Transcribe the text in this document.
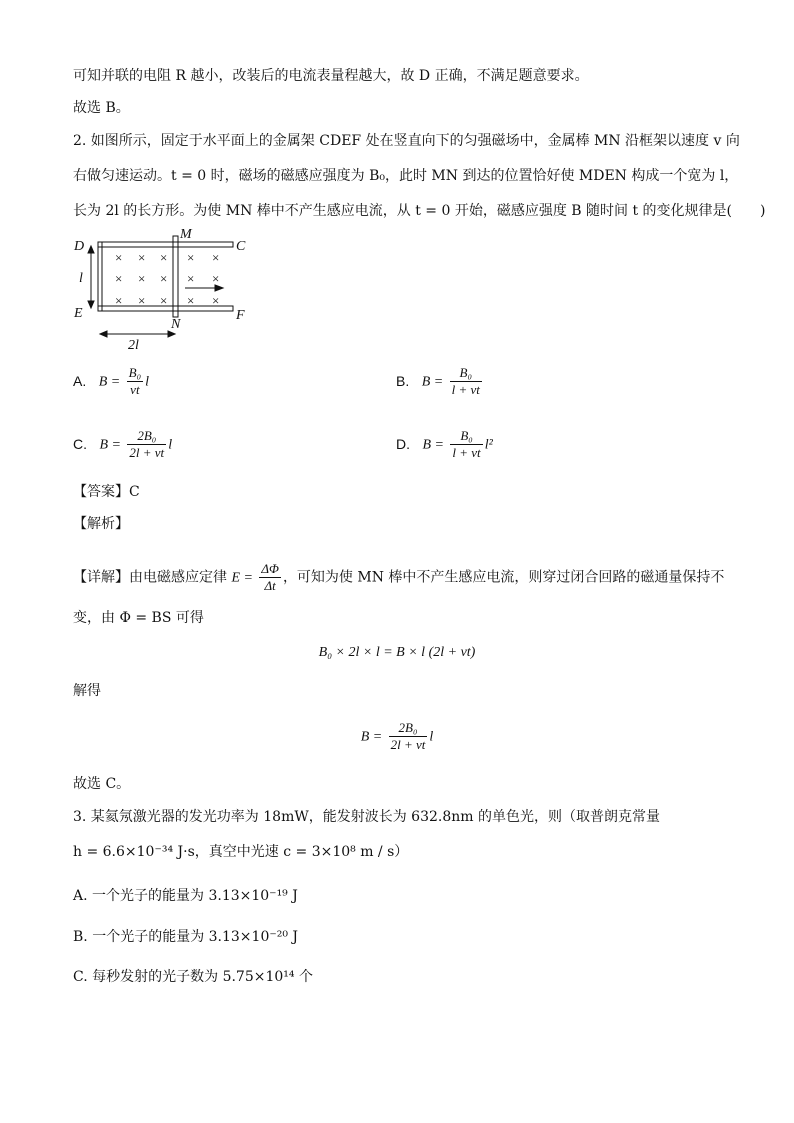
可知并联的电阻 R 越小，改装后的电流表量程越大，故 D 正确，不满足题意要求。
故选 B。
2. 如图所示，固定于水平面上的金属架 CDEF 处在竖直向下的匀强磁场中，金属棒 MN 沿框架以速度 v 向
右做匀速运动。t = 0 时，磁场的磁感应强度为 B₀，此时 MN 到达的位置恰好使 MDEN 构成一个宽为 l，
长为 2l 的长方形。为使 MN 棒中不产生感应电流，从 t = 0 开始，磁感应强度 B 随时间 t 的变化规律是(　　)
× × × × ×
× × × × ×
× × × × ×
D	C
E	F
M
N
l
2l
A. $B = \frac{\text{B₀}}{vt}$ l	B. $B = \frac{\text{B₀}}{l + vt}$
C. $B = \frac{\text{2B₀}}{2l + vt}$ l	D. $B = \frac{\text{B₀}}{l + vt} l^2$
【答案】C
【解析】
【详解】由电磁感应定律 $E = \frac{\Delta\Phi}{\Delta t}$ ，可知为使 MN 棒中不产生感应电流，则穿过闭合回路的磁通量保持不
变，由 Φ = BS 可得
B₀ × 2l × l = B × l (2l + vt)
解得
$B = \frac{\text{2B₀}}{2l + vt}$ l
故选 C。
3. 某氦氖激光器的发光功率为 18mW，能发射波长为 632.8nm 的单色光，则（取普朗克常量
h = 6.6×10⁻³⁴ J·s，真空中光速 c = 3×10⁸ m / s）
A. 一个光子的能量为 3.13×10⁻¹⁹ J
B. 一个光子的能量为 3.13×10⁻²⁰ J
C. 每秒发射的光子数为 5.75×10¹⁴ 个
